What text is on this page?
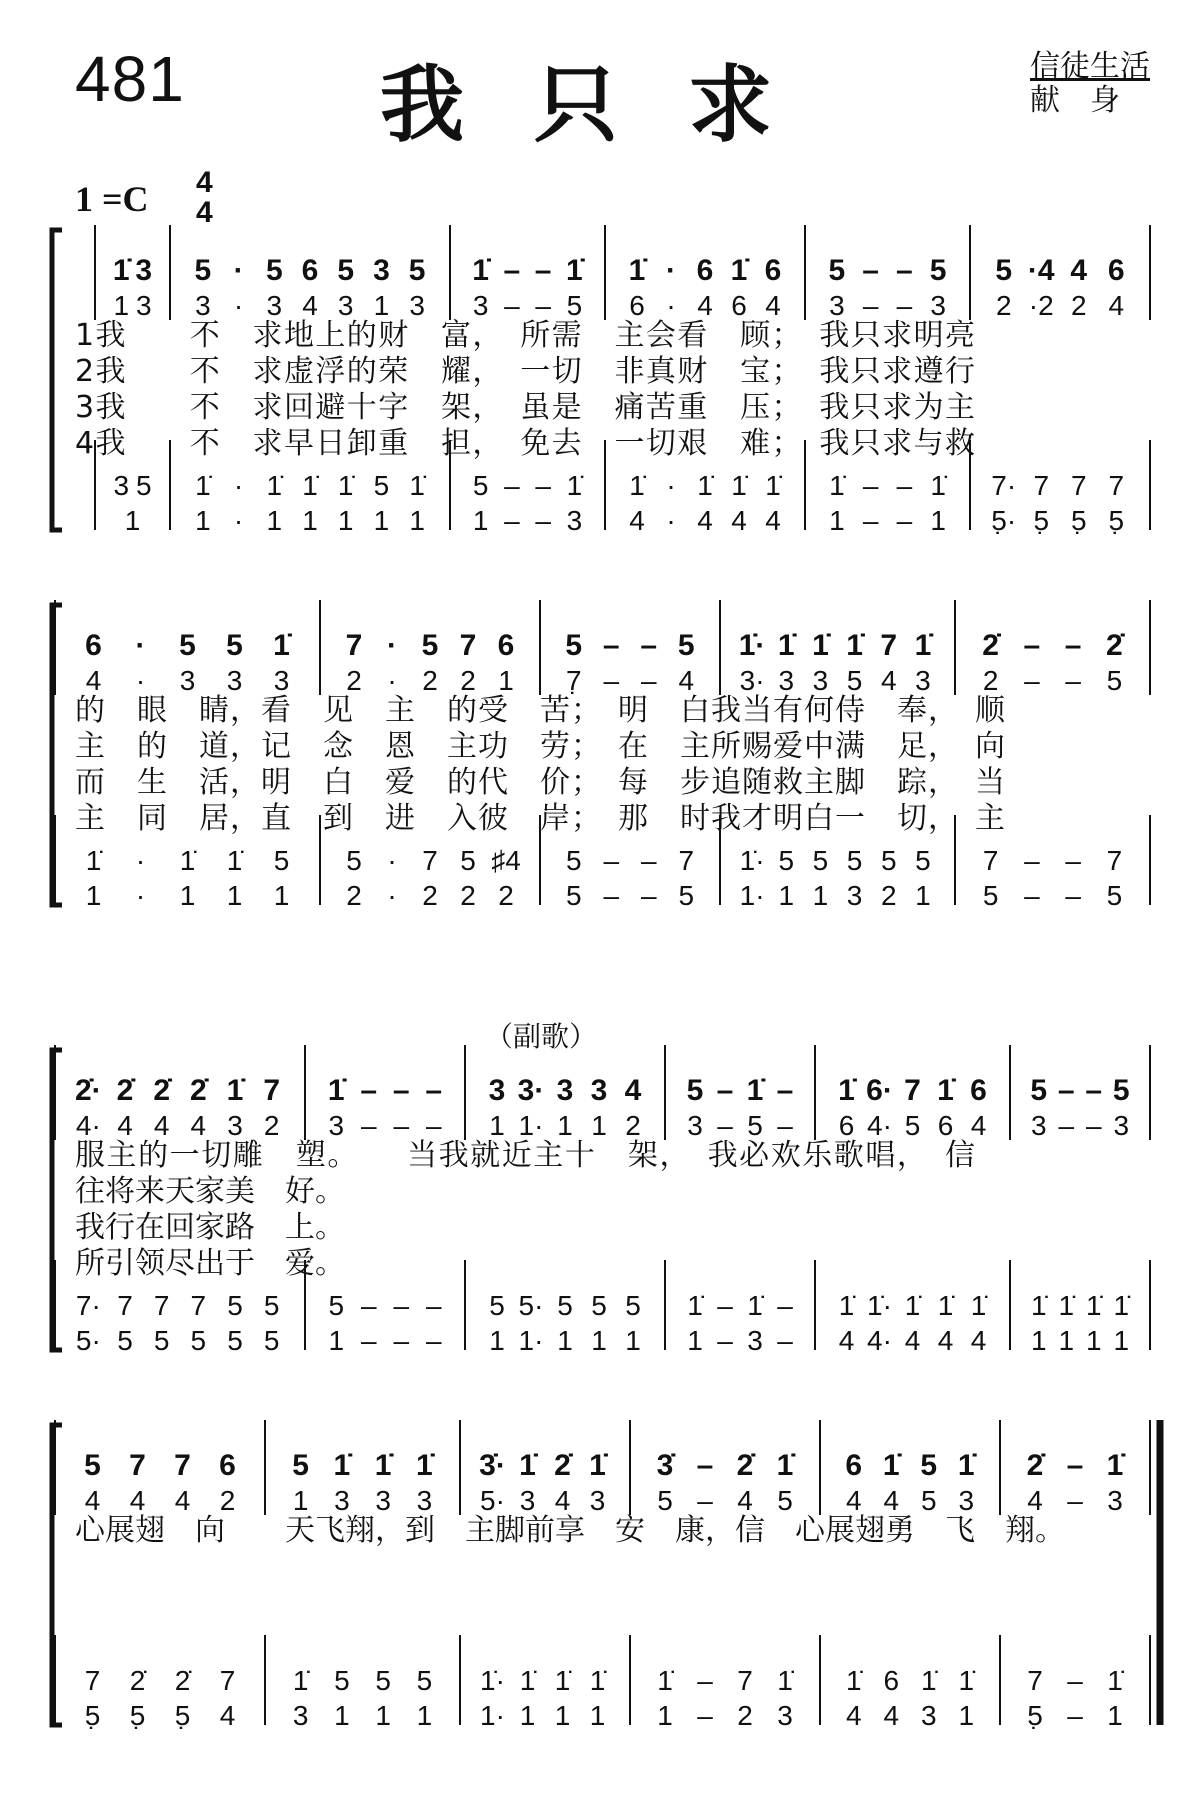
481 我只求	信徒生活
献　身
1 =C 4
4
（副歌）
1̇ 3 5 · 5 6 5 3 5 1̇ – – 1̇ 1̇ · 6 1̇ 6 5 – – 5 5 ·4 4 6
1 3 3 · 3 4 3 1 3 3 – – 5 6 · 4 6 4 3 – – 3 2 ·2 2 4
3 5 1̇ · 1̇ 1̇ 1̇ 5 1̇ 5 – – 1̇ 1̇ · 1̇ 1̇ 1̇ 1̇ – – 1̇ 7· 7 7 7
1 1 · 1 1 1 1 1 1 – – 3 4 · 4 4 4 1 – – 1 5̣· 5̣ 5̣ 5̣
1我　　不　求地上的财　富，　所需　主会看　顾；　我只求明亮
2我　　不　求虚浮的荣　耀，　一切　非真财　宝；　我只求遵行
3我　　不　求回避十字　架，　虽是　痛苦重　压；　我只求为主
4我　　不　求早日卸重　担，　免去　一切艰　难；　我只求与救
6 · 5 5 1̇ 7 · 5 7 6 5 – – 5 1̇· 1̇ 1̇ 1̇ 7 1̇ 2̇ – – 2̇
4 · 3 3 3 2 · 2 2 1 7̣ – – 4 3· 3 3 5 4 3 2 – – 5
1̇ · 1̇ 1̇ 5 5 · 7 5 ♯4 5 – – 7 1̇· 5 5 5 5 5 7 – – 7
1 · 1 1 1 2 · 2 2 2 5 – – 5 1· 1 1 3 2 1 5 – – 5
的　眼　睛，看　见　主　的受　苦；　明　白我当有何侍　奉，　顺
主　的　道，记　念　恩　主功　劳；　在　主所赐爱中满　足，　向
而　生　活，明　白　爱　的代　价；　每　步追随救主脚　踪，　当
主　同　居，直　到　进　入彼　岸；　那　时我才明白一　切，　主
2̇· 2̇ 2̇ 2̇ 1̇ 7 1̇ – – – 3 3· 3 3 4 5 – 1̇ – 1̇ 6· 7 1̇ 6 5 – – 5
4· 4 4 4 3 2 3 – – – 1 1· 1 1 2 3 – 5 – 6 4· 5 6 4 3 – – 3
7· 7 7 7 5 5 5 – – – 5 5· 5 5 5 1̇ – 1̇ – 1̇ 1̇· 1̇ 1̇ 1̇ 1̇ 1̇ 1̇ 1̇
5· 5 5 5 5 5 1 – – – 1 1· 1 1 1 1 – 3 – 4 4· 4 4 4 1 1 1 1
服主的一切雕　塑。　　当我就近主十　架，　我必欢乐歌唱，　信
往将来天家美　好。
我行在回家路　上。
所引领尽出于　爱。
5 7 7 6 5 1̇ 1̇ 1̇ 3̇· 1̇ 2̇ 1̇ 3̇ – 2̇ 1̇ 6 1̇ 5 1̇ 2̇ – 1̇
4 4 4 2 1 3 3 3 5· 3 4 3 5 – 4 5 4 4 5 3 4 – 3
7 2̇ 2̇ 7 1̇ 5 5 5 1̇· 1̇ 1̇ 1̇ 1̇ – 7 1̇ 1̇ 6 1̇ 1̇ 7 – 1̇
5̣ 5̣ 5̣ 4 3 1 1 1 1· 1 1 1 1 – 2 3 4 4 3 1 5̣ – 1
心展翅　向　　天飞翔，到　主脚前享　安　康，信　心展翅勇　飞　翔。
